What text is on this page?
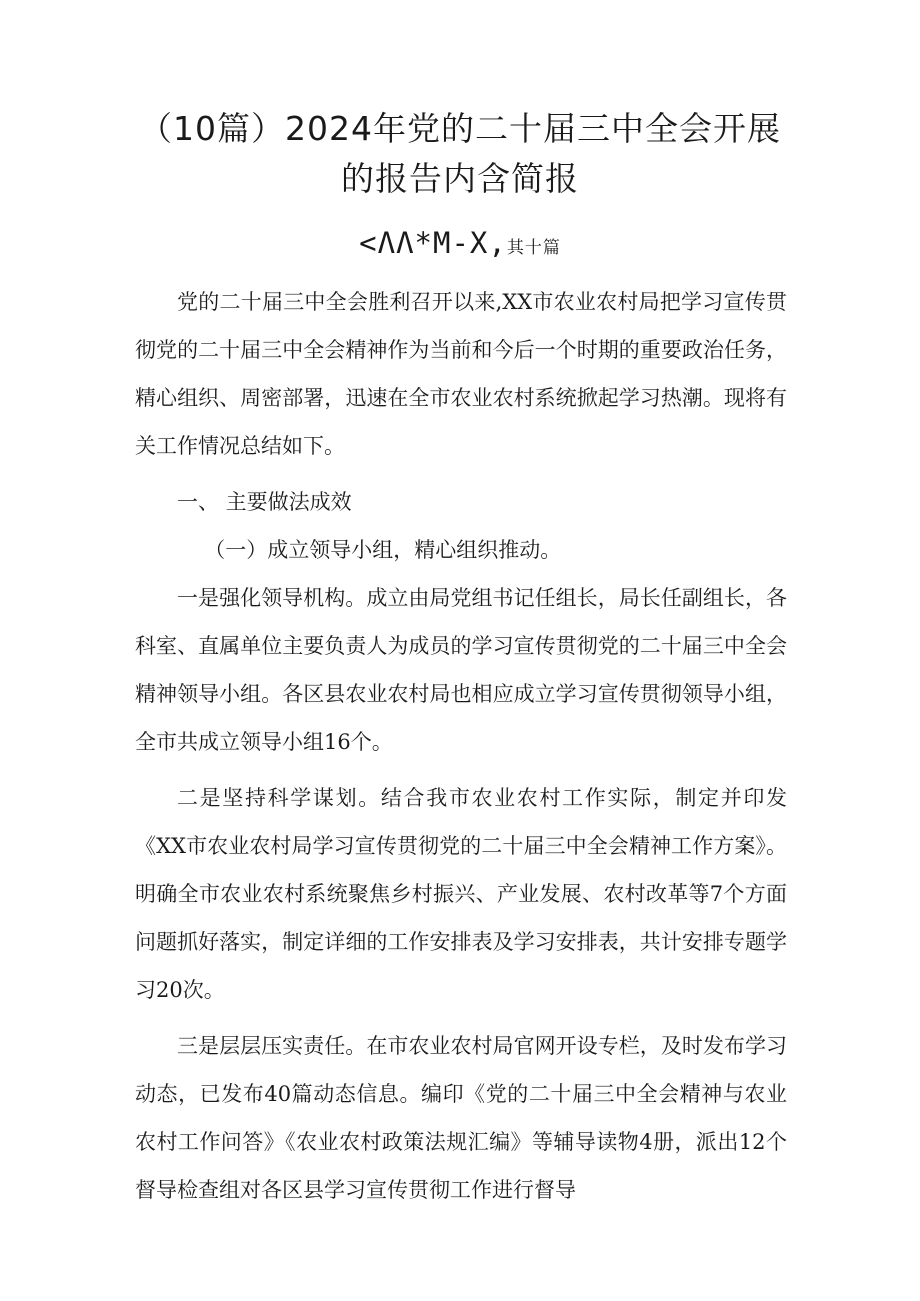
（10篇）2024年党的二十届三中全会开展
的报告内含简报
<ΛΛ*M-X,其十篇

党的二十届三中全会胜利召开以来,XX市农业农村局把学习宣传贯彻党的二十届三中全会精神作为当前和今后一个时期的重要政治任务，精心组织、周密部署，迅速在全市农业农村系统掀起学习热潮。现将有关工作情况总结如下。

一、 主要做法成效

（一）成立领导小组，精心组织推动。

一是强化领导机构。成立由局党组书记任组长，局长任副组长，各科室、直属单位主要负责人为成员的学习宣传贯彻党的二十届三中全会精神领导小组。各区县农业农村局也相应成立学习宣传贯彻领导小组，全市共成立领导小组16个。

二是坚持科学谋划。结合我市农业农村工作实际，制定并印发《XX市农业农村局学习宣传贯彻党的二十届三中全会精神工作方案》。明确全市农业农村系统聚焦乡村振兴、产业发展、农村改革等7个方面问题抓好落实，制定详细的工作安排表及学习安排表，共计安排专题学习20次。

三是层层压实责任。在市农业农村局官网开设专栏，及时发布学习动态，已发布40篇动态信息。编印《党的二十届三中全会精神与农业农村工作问答》《农业农村政策法规汇编》等辅导读物4册，派出12个督导检查组对各区县学习宣传贯彻工作进行督导
